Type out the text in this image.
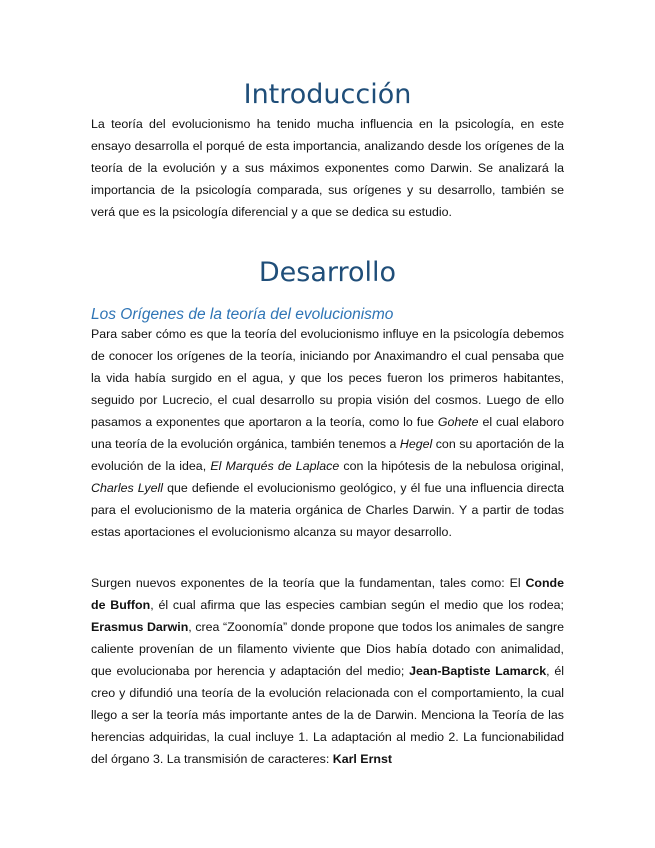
Introducción

La teoría del evolucionismo ha tenido mucha influencia en la psicología, en este ensayo desarrolla el porqué de esta importancia, analizando desde los orígenes de la teoría de la evolución y a sus máximos exponentes como Darwin. Se analizará la importancia de la psicología comparada, sus orígenes y su desarrollo, también se verá que es la psicología diferencial y a que se dedica su estudio.

Desarrollo
Los Orígenes de la teoría del evolucionismo

Para saber cómo es que la teoría del evolucionismo influye en la psicología debemos de conocer los orígenes de la teoría, iniciando por Anaximandro el cual pensaba que la vida había surgido en el agua, y que los peces fueron los primeros habitantes, seguido por Lucrecio, el cual desarrollo su propia visión del cosmos. Luego de ello pasamos a exponentes que aportaron a la teoría, como lo fue Gohete el cual elaboro una teoría de la evolución orgánica, también tenemos a Hegel con su aportación de la evolución de la idea, El Marqués de Laplace con la hipótesis de la nebulosa original, Charles Lyell que defiende el evolucionismo geológico, y él fue una influencia directa para el evolucionismo de la materia orgánica de Charles Darwin. Y a partir de todas estas aportaciones el evolucionismo alcanza su mayor desarrollo.

Surgen nuevos exponentes de la teoría que la fundamentan, tales como: El Conde de Buffon, él cual afirma que las especies cambian según el medio que los rodea; Erasmus Darwin, crea “Zoonomía” donde propone que todos los animales de sangre caliente provenían de un filamento viviente que Dios había dotado con animalidad, que evolucionaba por herencia y adaptación del medio; Jean-Baptiste Lamarck, él creo y difundió una teoría de la evolución relacionada con el comportamiento, la cual llego a ser la teoría más importante antes de la de Darwin. Menciona la Teoría de las herencias adquiridas, la cual incluye 1. La adaptación al medio 2. La funcionabilidad del órgano 3. La transmisión de caracteres: Karl Ernst
